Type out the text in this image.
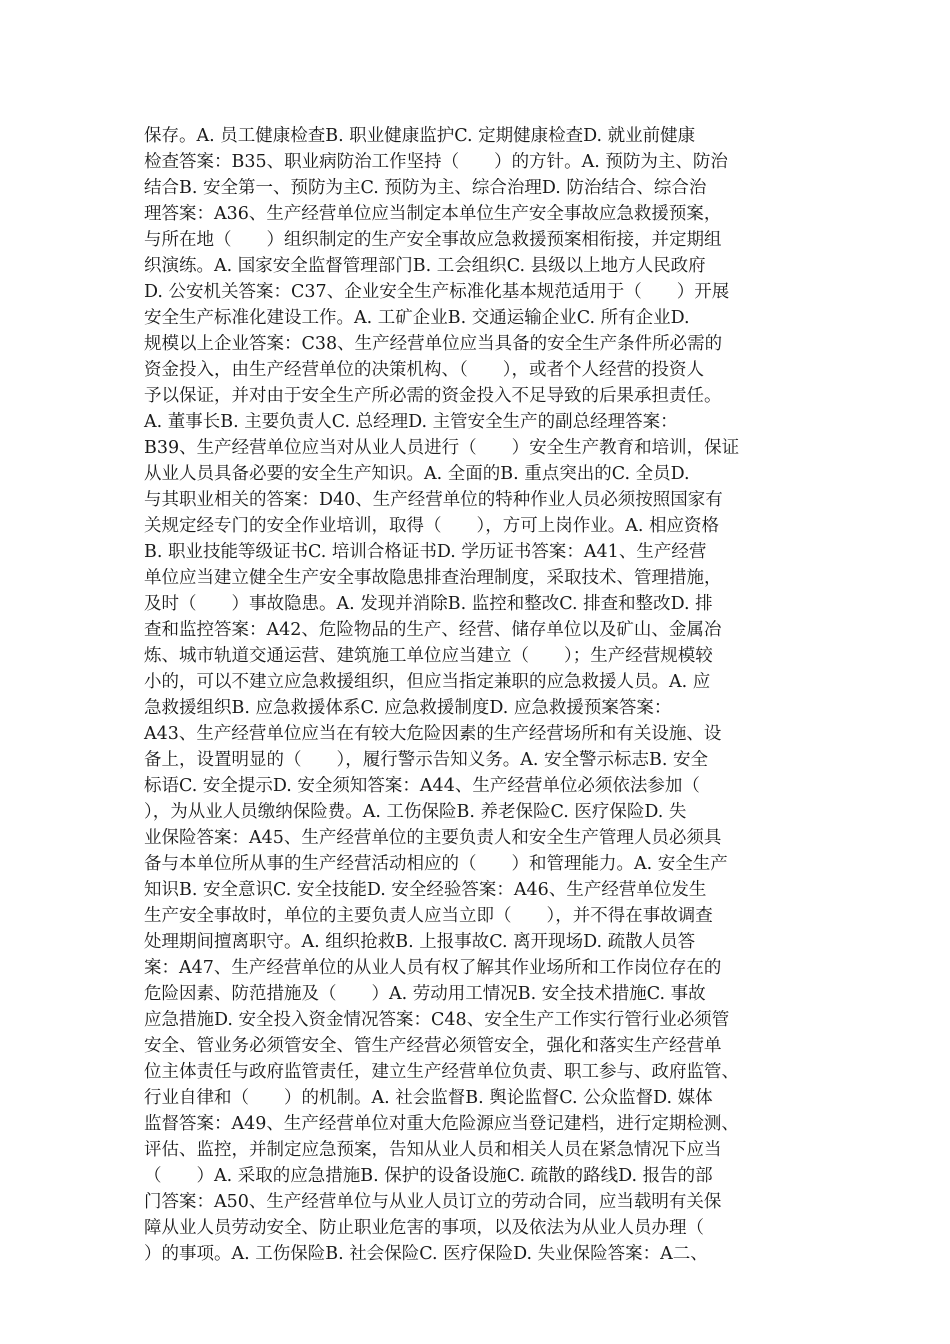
保存。A. 员工健康检查B. 职业健康监护C. 定期健康检查D. 就业前健康
检查答案：B35、职业病防治工作坚持（　　）的方针。A. 预防为主、防治
结合B. 安全第一、预防为主C. 预防为主、综合治理D. 防治结合、综合治
理答案：A36、生产经营单位应当制定本单位生产安全事故应急救援预案，
与所在地（　　）组织制定的生产安全事故应急救援预案相衔接，并定期组
织演练。A. 国家安全监督管理部门B. 工会组织C. 县级以上地方人民政府
D. 公安机关答案：C37、企业安全生产标准化基本规范适用于（　　）开展
安全生产标准化建设工作。A. 工矿企业B. 交通运输企业C. 所有企业D.
规模以上企业答案：C38、生产经营单位应当具备的安全生产条件所必需的
资金投入，由生产经营单位的决策机构、（　　），或者个人经营的投资人
予以保证，并对由于安全生产所必需的资金投入不足导致的后果承担责任。
A. 董事长B. 主要负责人C. 总经理D. 主管安全生产的副总经理答案：
B39、生产经营单位应当对从业人员进行（　　）安全生产教育和培训，保证
从业人员具备必要的安全生产知识。A. 全面的B. 重点突出的C. 全员D.
与其职业相关的答案：D40、生产经营单位的特种作业人员必须按照国家有
关规定经专门的安全作业培训，取得（　　），方可上岗作业。A. 相应资格
B. 职业技能等级证书C. 培训合格证书D. 学历证书答案：A41、生产经营
单位应当建立健全生产安全事故隐患排查治理制度，采取技术、管理措施，
及时（　　）事故隐患。A. 发现并消除B. 监控和整改C. 排查和整改D. 排
查和监控答案：A42、危险物品的生产、经营、储存单位以及矿山、金属冶
炼、城市轨道交通运营、建筑施工单位应当建立（　　）；生产经营规模较
小的，可以不建立应急救援组织，但应当指定兼职的应急救援人员。A. 应
急救援组织B. 应急救援体系C. 应急救援制度D. 应急救援预案答案：
A43、生产经营单位应当在有较大危险因素的生产经营场所和有关设施、设
备上，设置明显的（　　），履行警示告知义务。A. 安全警示标志B. 安全
标语C. 安全提示D. 安全须知答案：A44、生产经营单位必须依法参加（
），为从业人员缴纳保险费。A. 工伤保险B. 养老保险C. 医疗保险D. 失
业保险答案：A45、生产经营单位的主要负责人和安全生产管理人员必须具
备与本单位所从事的生产经营活动相应的（　　）和管理能力。A. 安全生产
知识B. 安全意识C. 安全技能D. 安全经验答案：A46、生产经营单位发生
生产安全事故时，单位的主要负责人应当立即（　　），并不得在事故调查
处理期间擅离职守。A. 组织抢救B. 上报事故C. 离开现场D. 疏散人员答
案：A47、生产经营单位的从业人员有权了解其作业场所和工作岗位存在的
危险因素、防范措施及（　　）A. 劳动用工情况B. 安全技术措施C. 事故
应急措施D. 安全投入资金情况答案：C48、安全生产工作实行管行业必须管
安全、管业务必须管安全、管生产经营必须管安全，强化和落实生产经营单
位主体责任与政府监管责任，建立生产经营单位负责、职工参与、政府监管、
行业自律和（　　）的机制。A. 社会监督B. 舆论监督C. 公众监督D. 媒体
监督答案：A49、生产经营单位对重大危险源应当登记建档，进行定期检测、
评估、监控，并制定应急预案，告知从业人员和相关人员在紧急情况下应当
（　　）A. 采取的应急措施B. 保护的设备设施C. 疏散的路线D. 报告的部
门答案：A50、生产经营单位与从业人员订立的劳动合同，应当载明有关保
障从业人员劳动安全、防止职业危害的事项，以及依法为从业人员办理（
）的事项。A. 工伤保险B. 社会保险C. 医疗保险D. 失业保险答案：A二、
